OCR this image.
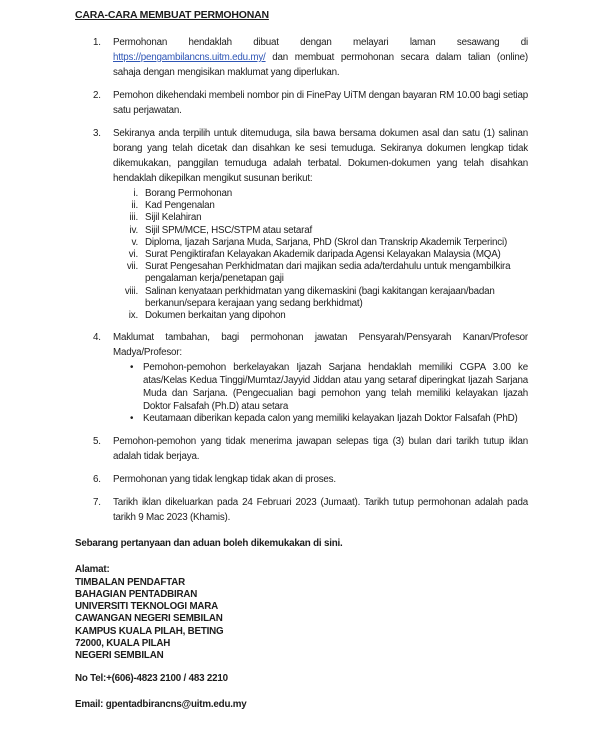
CARA-CARA MEMBUAT PERMOHONAN
1.	Permohonan hendaklah dibuat dengan melayari laman sesawang di https://pengambilancns.uitm.edu.my/ dan membuat permohonan secara dalam talian (online) sahaja dengan mengisikan maklumat yang diperlukan.
2.	Pemohon dikehendaki membeli nombor pin di FinePay UiTM dengan bayaran RM 10.00 bagi setiap satu perjawatan.
3.	Sekiranya anda terpilih untuk ditemuduga, sila bawa bersama dokumen asal dan satu (1) salinan borang yang telah dicetak dan disahkan ke sesi temuduga. Sekiranya dokumen lengkap tidak dikemukakan, panggilan temuduga adalah terbatal. Dokumen-dokumen yang telah disahkan hendaklah dikepilkan mengikut susunan berikut:
i. Borang Permohonan
ii. Kad Pengenalan
iii. Sijil Kelahiran
iv. Sijil SPM/MCE, HSC/STPM atau setaraf
v. Diploma, Ijazah Sarjana Muda, Sarjana, PhD (Skrol dan Transkrip Akademik Terperinci)
vi. Surat Pengiktirafan Kelayakan Akademik daripada Agensi Kelayakan Malaysia (MQA)
vii. Surat Pengesahan Perkhidmatan dari majikan sedia ada/terdahulu untuk mengambilkira pengalaman kerja/penetapan gaji
viii. Salinan kenyataan perkhidmatan yang dikemaskini (bagi kakitangan kerajaan/badan berkanun/separa kerajaan yang sedang berkhidmat)
ix. Dokumen berkaitan yang dipohon
4.	Maklumat tambahan, bagi permohonan jawatan Pensyarah/Pensyarah Kanan/Profesor Madya/Profesor:
• Pemohon-pemohon berkelayakan Ijazah Sarjana hendaklah memiliki CGPA 3.00 ke atas/Kelas Kedua Tinggi/Mumtaz/Jayyid Jiddan atau yang setaraf diperingkat Ijazah Sarjana Muda dan Sarjana. (Pengecualian bagi pemohon yang telah memiliki kelayakan Ijazah Doktor Falsafah (Ph.D) atau setara
• Keutamaan diberikan kepada calon yang memiliki kelayakan Ijazah Doktor Falsafah (PhD)
5.	Pemohon-pemohon yang tidak menerima jawapan selepas tiga (3) bulan dari tarikh tutup iklan adalah tidak berjaya.
6.	Permohonan yang tidak lengkap tidak akan di proses.
7.	Tarikh iklan dikeluarkan pada 24 Februari 2023 (Jumaat). Tarikh tutup permohonan adalah pada tarikh 9 Mac 2023 (Khamis).
Sebarang pertanyaan dan aduan boleh dikemukakan di sini.
Alamat:
TIMBALAN PENDAFTAR
BAHAGIAN PENTADBIRAN
UNIVERSITI TEKNOLOGI MARA
CAWANGAN NEGERI SEMBILAN
KAMPUS KUALA PILAH, BETING
72000, KUALA PILAH
NEGERI SEMBILAN
No Tel:+(606)-4823 2100 / 483 2210
Email: gpentadbirancns@uitm.edu.my
